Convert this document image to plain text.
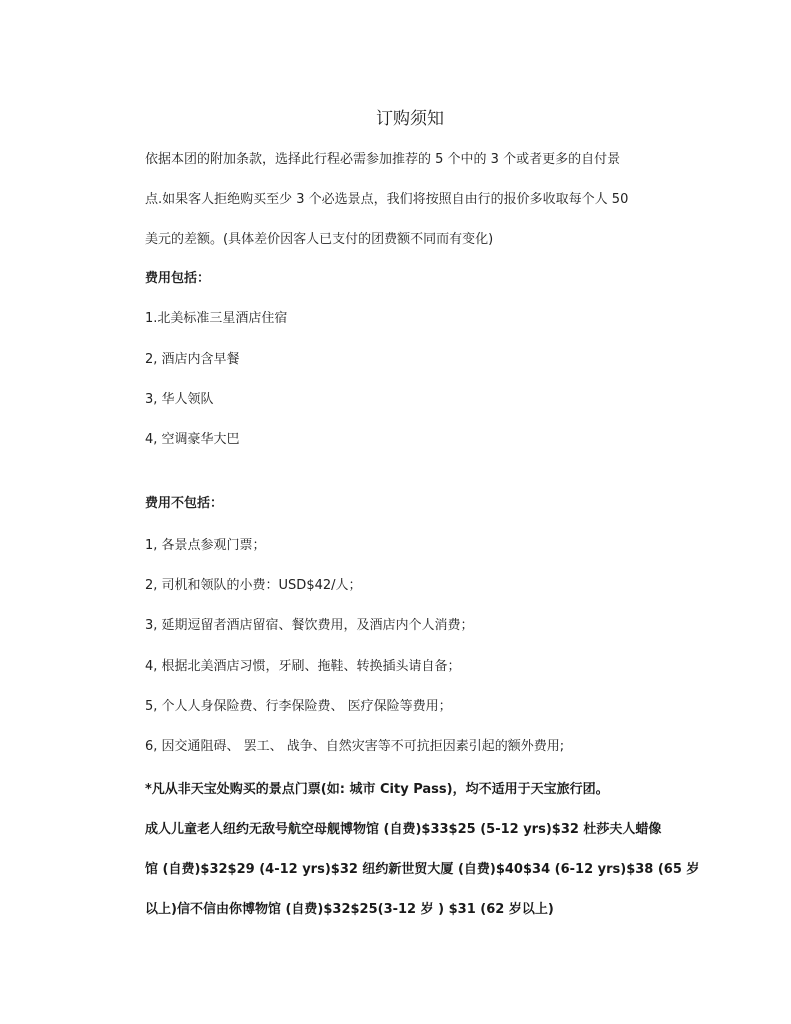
订购须知

依据本团的附加条款，选择此行程必需参加推荐的 5 个中的 3 个或者更多的自付景

点.如果客人拒绝购买至少 3 个必选景点，我们将按照自由行的报价多收取每个人 50

美元的差额。(具体差价因客人已支付的团费额不同而有变化)

费用包括：
1.北美标准三星酒店住宿
2, 酒店内含早餐
3, 华人领队
4, 空调豪华大巴
费用不包括：
1, 各景点参观门票；
2, 司机和领队的小费：USD$42/人；
3, 延期逗留者酒店留宿、餐饮费用，及酒店内个人消费；
4, 根据北美酒店习惯，牙刷、拖鞋、转换插头请自备；
5, 个人人身保险费、行李保险费、 医疗保险等费用；
6, 因交通阻碍、 罢工、 战争、自然灾害等不可抗拒因素引起的额外费用;

*凡从非天宝处购买的景点门票(如: 城市 City Pass)，均不适用于天宝旅行团。

成人儿童老人纽约无敌号航空母舰博物馆 (自费)$33$25 (5-12 yrs)$32 杜莎夫人蜡像

馆 (自费)$32$29 (4-12 yrs)$32 纽约新世贸大厦 (自费)$40$34 (6-12 yrs)$38 (65 岁

以上)信不信由你博物馆 (自费)$32$25(3-12 岁 ) $31 (62 岁以上)
